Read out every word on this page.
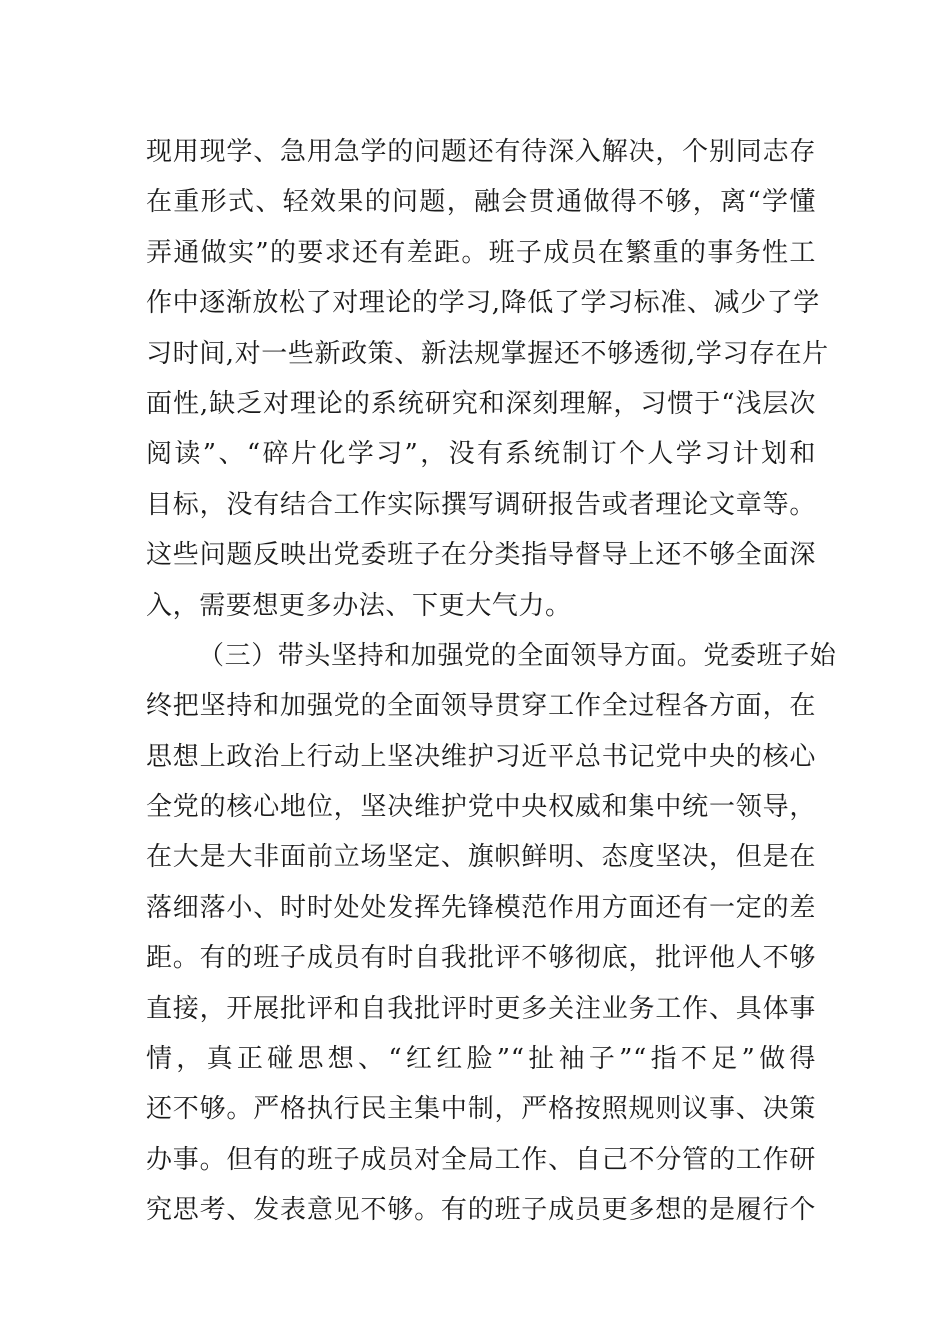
现用现学、急用急学的问题还有待深入解决，个别同志存
在重形式、轻效果的问题，融会贯通做得不够，离“学懂
弄通做实”的要求还有差距。班子成员在繁重的事务性工
作中逐渐放松了对理论的学习,降低了学习标准、减少了学
习时间,对一些新政策、新法规掌握还不够透彻,学习存在片
面性,缺乏对理论的系统研究和深刻理解，习惯于“浅层次
阅读”、“碎片化学习”，没有系统制订个人学习计划和
目标，没有结合工作实际撰写调研报告或者理论文章等。
这些问题反映出党委班子在分类指导督导上还不够全面深
入，需要想更多办法、下更大气力。
（三）带头坚持和加强党的全面领导方面。党委班子始
终把坚持和加强党的全面领导贯穿工作全过程各方面，在
思想上政治上行动上坚决维护习近平总书记党中央的核心
全党的核心地位，坚决维护党中央权威和集中统一领导，
在大是大非面前立场坚定、旗帜鲜明、态度坚决，但是在
落细落小、时时处处发挥先锋模范作用方面还有一定的差
距。有的班子成员有时自我批评不够彻底，批评他人不够
直接，开展批评和自我批评时更多关注业务工作、具体事
情，真正碰思想、“红红脸”“扯袖子”“指不足”做得
还不够。严格执行民主集中制，严格按照规则议事、决策
办事。但有的班子成员对全局工作、自己不分管的工作研
究思考、发表意见不够。有的班子成员更多想的是履行个
